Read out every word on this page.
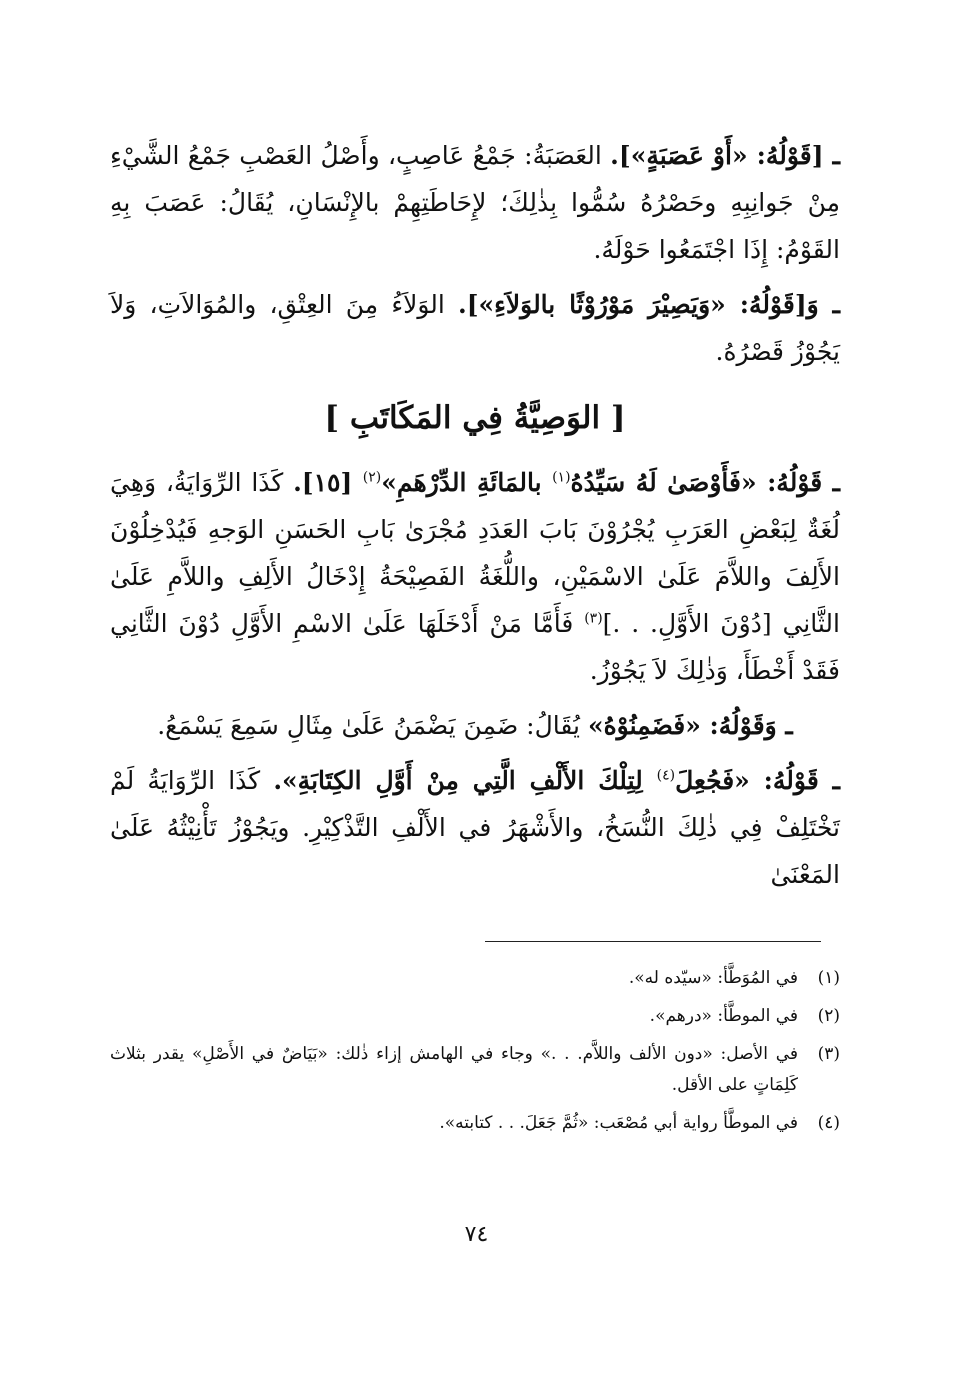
ـ [قَوْلُهُ: «أَوْ عَصَبَةٍ»]. العَصَبَةُ: جَمْعُ عَاصِبٍ، وأَصْلُ العَصْبِ جَمْعُ الشَّيْءِ مِنْ جَوانِبِهِ وحَصْرُهُ سُمُّوا بِذٰلِكَ؛ لإِحَاطَتِهِمْ بالإِنْسَانِ، يُقَالُ: عَصَبَ بِهِ القَوْمُ: إِذَا اجْتَمَعُوا حَوْلَهُ.

ـ وَ[قَوْلُهُ: «وَيَصِيْرَ مَوْرُوْثًا بالوَلاَءِ»]. الوَلاَءُ مِنَ العِتْقِ، والمُوَالاَتِ، وَلاَ يَجُوْزُ قَصْرُهُ.

[ الوَصِيَّةُ فِي المَكَاتَبِ ]

ـ قَوْلُهُ: «فَأَوْصَىٰ لَهُ سَيِّدُهُ$^{(١)}$ بالمَائَةِ الدِّرْهَمِ»$^{(٢)}$ [١٥]. كَذَا الرِّوَايَةُ، وَهِيَ لُغَةٌ لِبَعْضِ العَرَبِ يُجْرُوْنَ بَابَ العَدَدِ مُجْرَىٰ بَابِ الحَسَنِ الوَجهِ فَيُدْخِلُوْنَ الأَلِفَ واللاَّمَ عَلَىٰ الاسْمَيْنِ، واللُّغَةُ الفَصِيْحَةُ إِدْخَالُ الأَلِفِ واللاَّمِ عَلَىٰ الثَّانِي [دُوْنَ الأَوَّلِ. . .]$^{(٣)}$ فَأَمَّا مَنْ أَدْخَلَهَا عَلَىٰ الاسْمِ الأَوَّلِ دُوْنَ الثَّانِي فَقَدْ أَخْطَأَ، وَذٰلِكَ لاَ يَجُوْزُ.

ـ وَقَوْلُهُ: «فَضَمِنُوْهُ» يُقَالُ: ضَمِنَ يَضْمَنُ عَلَىٰ مِثَالِ سَمِعَ يَسْمَعُ.

ـ قَوْلُهُ: «فَجُعِلَ$^{(٤)}$ لِتِلْكَ الأَلْفِ الَّتِي مِنْ أَوَّلِ الكِتَابَةِ». كَذَا الرِّوَايَةُ لَمْ تَخْتَلِفْ فِي ذٰلِكَ النُّسَخُ، والأَشْهَرُ في الأَلْفِ التَّذْكِيْرِ. ويَجُوْزُ تَأْنِيْثُهُ عَلَىٰ المَعْنَىٰ

(١)
في المُوَطَّأ: «سيّده له».
(٢)
في الموطَّأ: «درهم».
(٣)
في الأصل: «دون الألف واللاَّم. . .» وجاء في الهامش إزاء ذٰلك: «بَيَاضٌ في الأَصْلِ» يقدر بثلاث كَلِمَاتٍ على الأقل.
(٤)
في الموطَّأ رواية أبي مُصْعَب: «ثُمَّ جَعَلَ. . . كتابته».
٧٤
